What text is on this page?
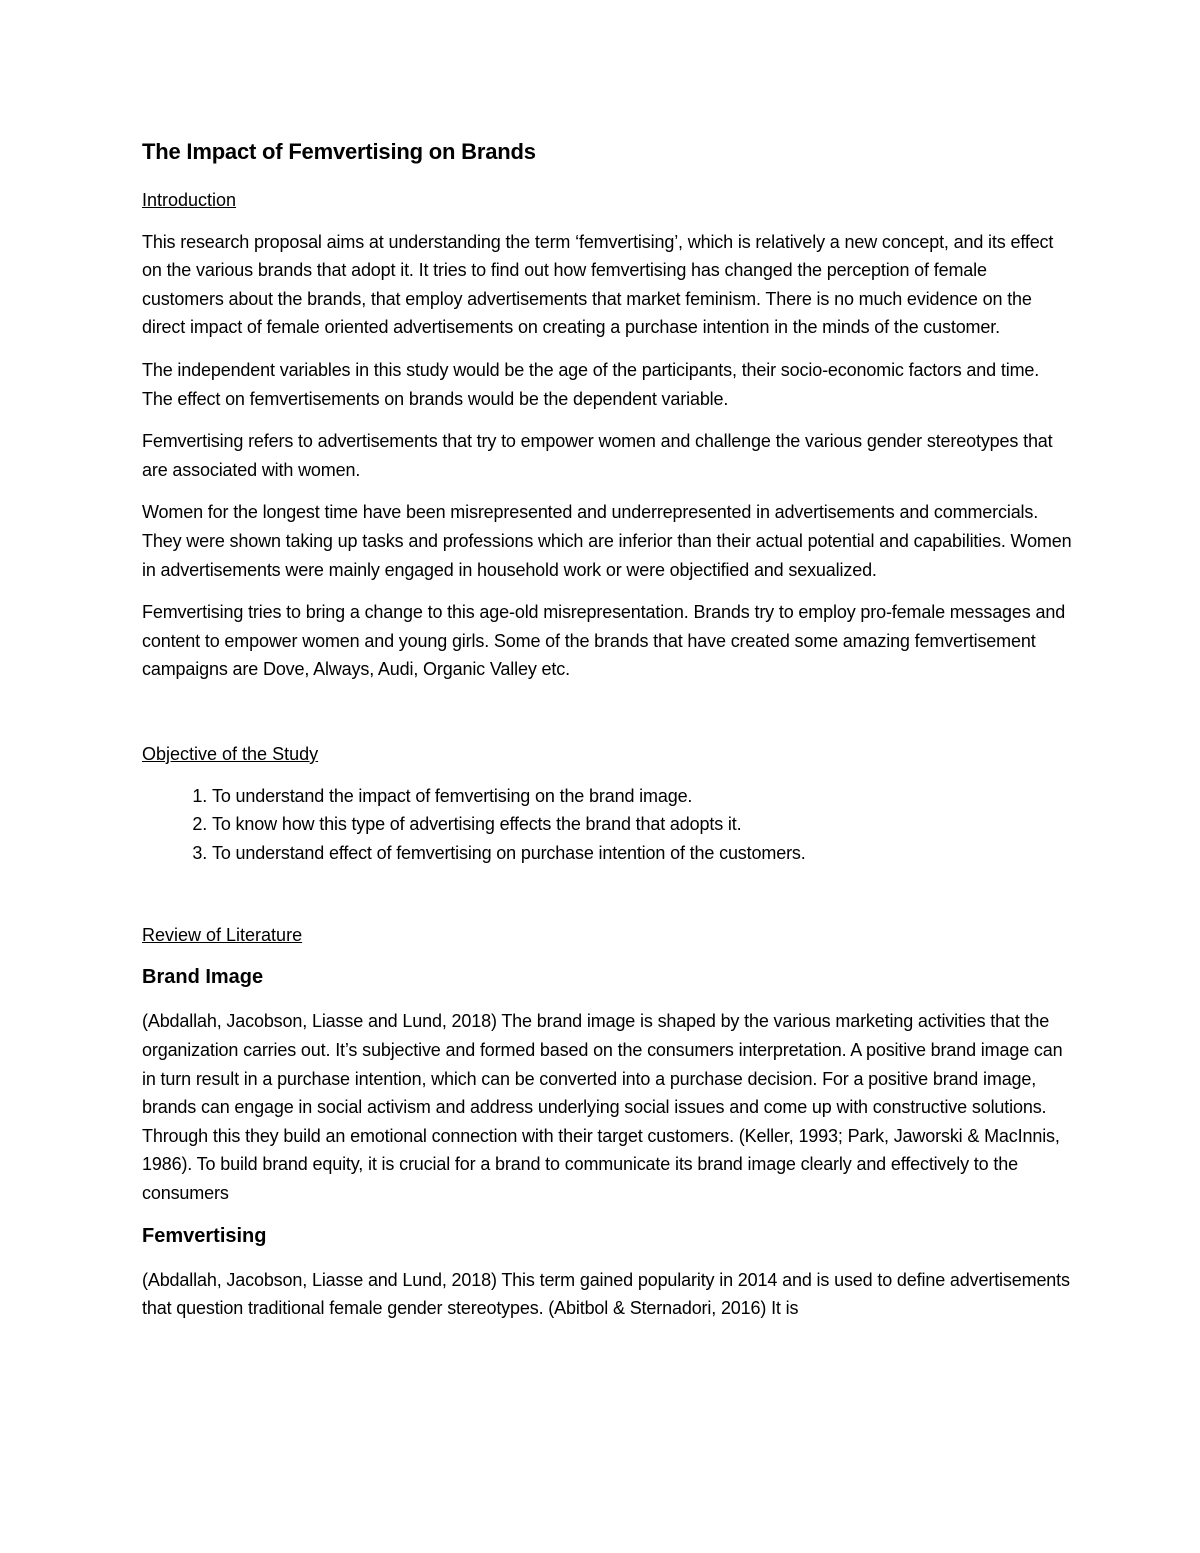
The Impact of Femvertising on Brands
Introduction

This research proposal aims at understanding the term ‘femvertising’, which is relatively a new concept, and its effect on the various brands that adopt it. It tries to find out how femvertising has changed the perception of female customers about the brands, that employ advertisements that market feminism. There is no much evidence on the direct impact of female oriented advertisements on creating a purchase intention in the minds of the customer.

The independent variables in this study would be the age of the participants, their socio-economic factors and time. The effect on femvertisements on brands would be the dependent variable.

Femvertising refers to advertisements that try to empower women and challenge the various gender stereotypes that are associated with women.

Women for the longest time have been misrepresented and underrepresented in advertisements and commercials. They were shown taking up tasks and professions which are inferior than their actual potential and capabilities. Women in advertisements were mainly engaged in household work or were objectified and sexualized.

Femvertising tries to bring a change to this age-old misrepresentation. Brands try to employ pro-female messages and content to empower women and young girls. Some of the brands that have created some amazing femvertisement campaigns are Dove, Always, Audi, Organic Valley etc.

Objective of the Study
1. To understand the impact of femvertising on the brand image.
2. To know how this type of advertising effects the brand that adopts it.
3. To understand effect of femvertising on purchase intention of the customers.
Review of Literature
Brand Image

(Abdallah, Jacobson, Liasse and Lund, 2018) The brand image is shaped by the various marketing activities that the organization carries out. It’s subjective and formed based on the consumers interpretation. A positive brand image can in turn result in a purchase intention, which can be converted into a purchase decision. For a positive brand image, brands can engage in social activism and address underlying social issues and come up with constructive solutions. Through this they build an emotional connection with their target customers. (Keller, 1993; Park, Jaworski & MacInnis, 1986). To build brand equity, it is crucial for a brand to communicate its brand image clearly and effectively to the consumers

Femvertising

(Abdallah, Jacobson, Liasse and Lund, 2018) This term gained popularity in 2014 and is used to define advertisements that question traditional female gender stereotypes. (Abitbol & Sternadori, 2016) It is
